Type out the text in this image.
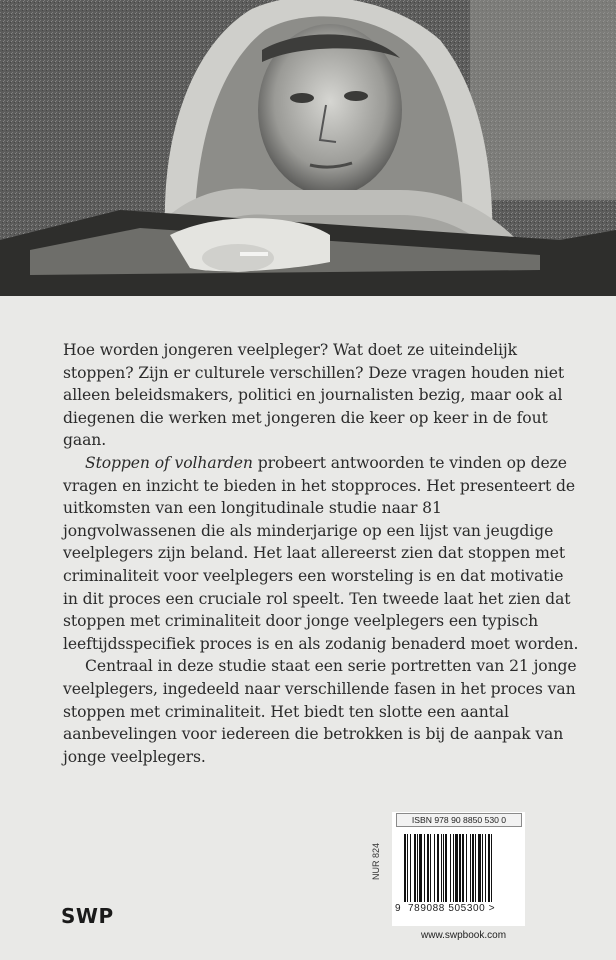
Hoe worden jongeren veelpleger? Wat doet ze uiteindelijk stoppen? Zijn er culturele verschillen? Deze vragen houden niet alleen beleidsmakers, politici en journalisten bezig, maar ook al diegenen die werken met jongeren die keer op keer in de fout gaan.

Stoppen of volharden probeert antwoorden te vinden op deze vragen en inzicht te bieden in het stopproces. Het presenteert de uitkomsten van een longitudinale studie naar 81 jongvolwassenen die als minderjarige op een lijst van jeugdige veelplegers zijn beland. Het laat allereerst zien dat stoppen met criminaliteit voor veelplegers een worsteling is en dat motivatie in dit proces een cruciale rol speelt. Ten tweede laat het zien dat stoppen met criminaliteit door jonge veelplegers een typisch leeftijdsspecifiek proces is en als zodanig benaderd moet worden.

Centraal in deze studie staat een serie portretten van 21 jonge veelplegers, ingedeeld naar verschillende fasen in het proces van stoppen met criminaliteit. Het biedt ten slotte een aantal aanbevelingen voor iedereen die betrokken is bij de aanpak van jonge veelplegers.

SWP
NUR 824
ISBN 978 90 8850 530 0
9 789088 505300 >
www.swpbook.com
